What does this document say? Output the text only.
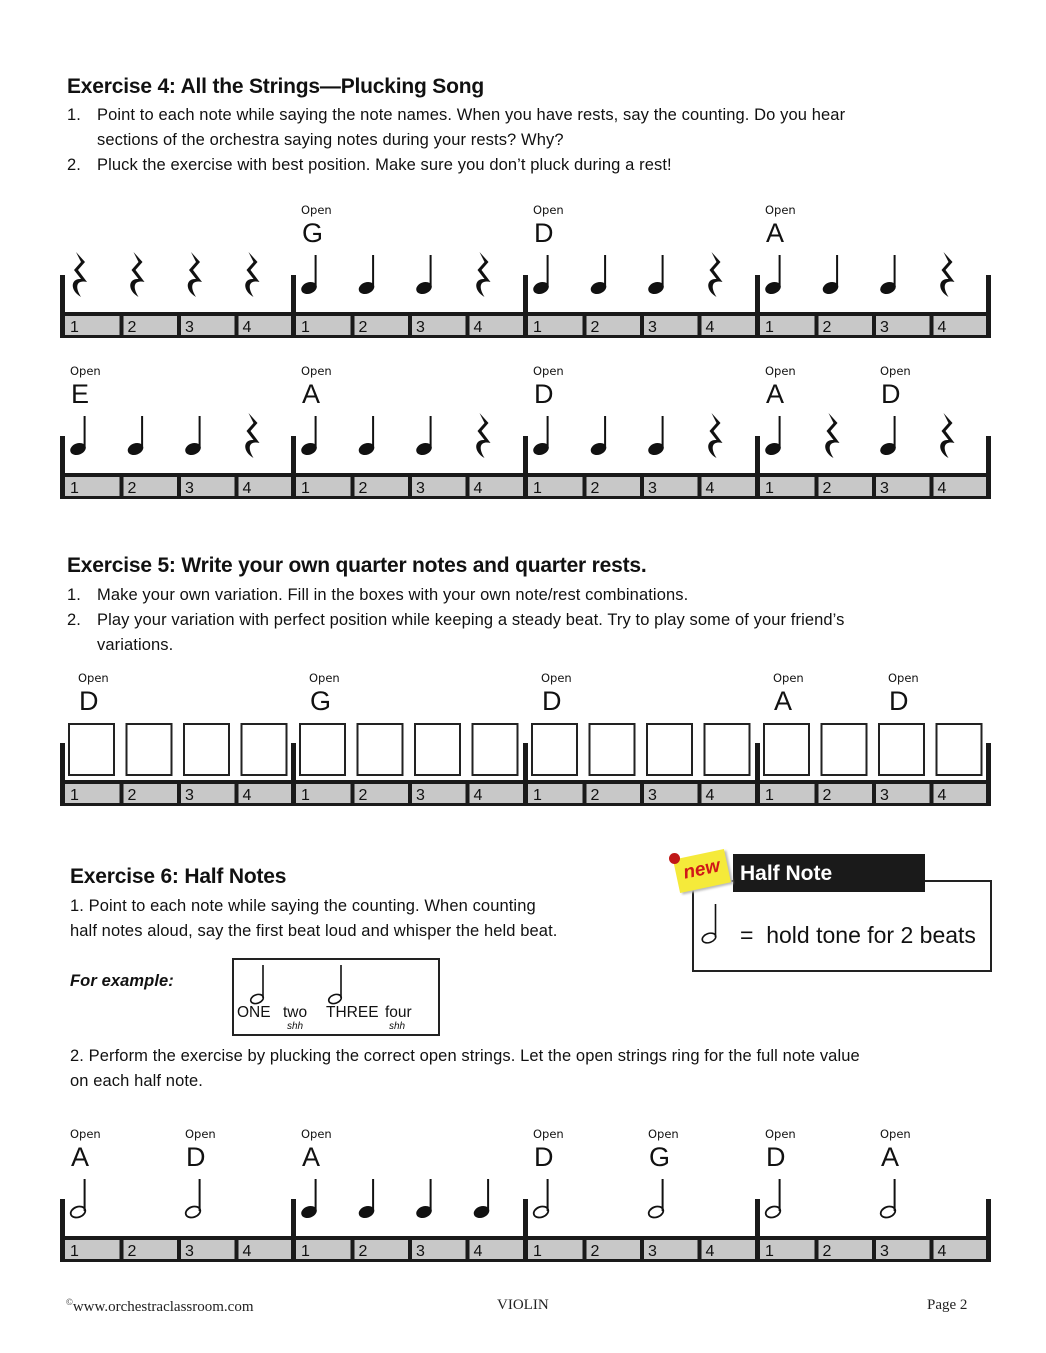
Exercise 4: All the Strings—Plucking Song
1. Point to each note while saying the note names. When you have rests, say the counting. Do you hear
sections of the orchestra saying notes during your rests? Why?
2. Pluck the exercise with best position. Make sure you don’t pluck during a rest!
1	2	3	4	1	2	3	4
Open
G
1	2	3	4
Open
D
1	2	3	4
Open
A
1	2	3	4
Open
E
1	2	3	4
Open
A
1	2	3	4
Open
D
1	2	3	4
Open
A
Open
D
Exercise 5: Write your own quarter notes and quarter rests.
1. Make your own variation. Fill in the boxes with your own note/rest combinations.
2. Play your variation with perfect position while keeping a steady beat. Try to play some of your friend’s
variations.
1	2	3	4
Open
D
1	2	3	4
Open
G
1	2	3	4
Open
D
1	2	3	4
Open
A
Open
D
Exercise 6: Half Notes
1. Point to each note while saying the counting. When counting
half notes aloud, say the first beat loud and whisper the held beat.
For example:
ONE two THREE four
shh	shh
Half Note
new
= hold tone for 2 beats
2. Perform the exercise by plucking the correct open strings. Let the open strings ring for the full note value
on each half note.
1	2	3	4
Open
A
Open
D
1	2	3	4
Open
A
1	2	3	4
Open
D
Open
G
1	2	3	4
Open
D
Open
A
©www.orchestraclassroom.com	VIOLIN	Page 2
